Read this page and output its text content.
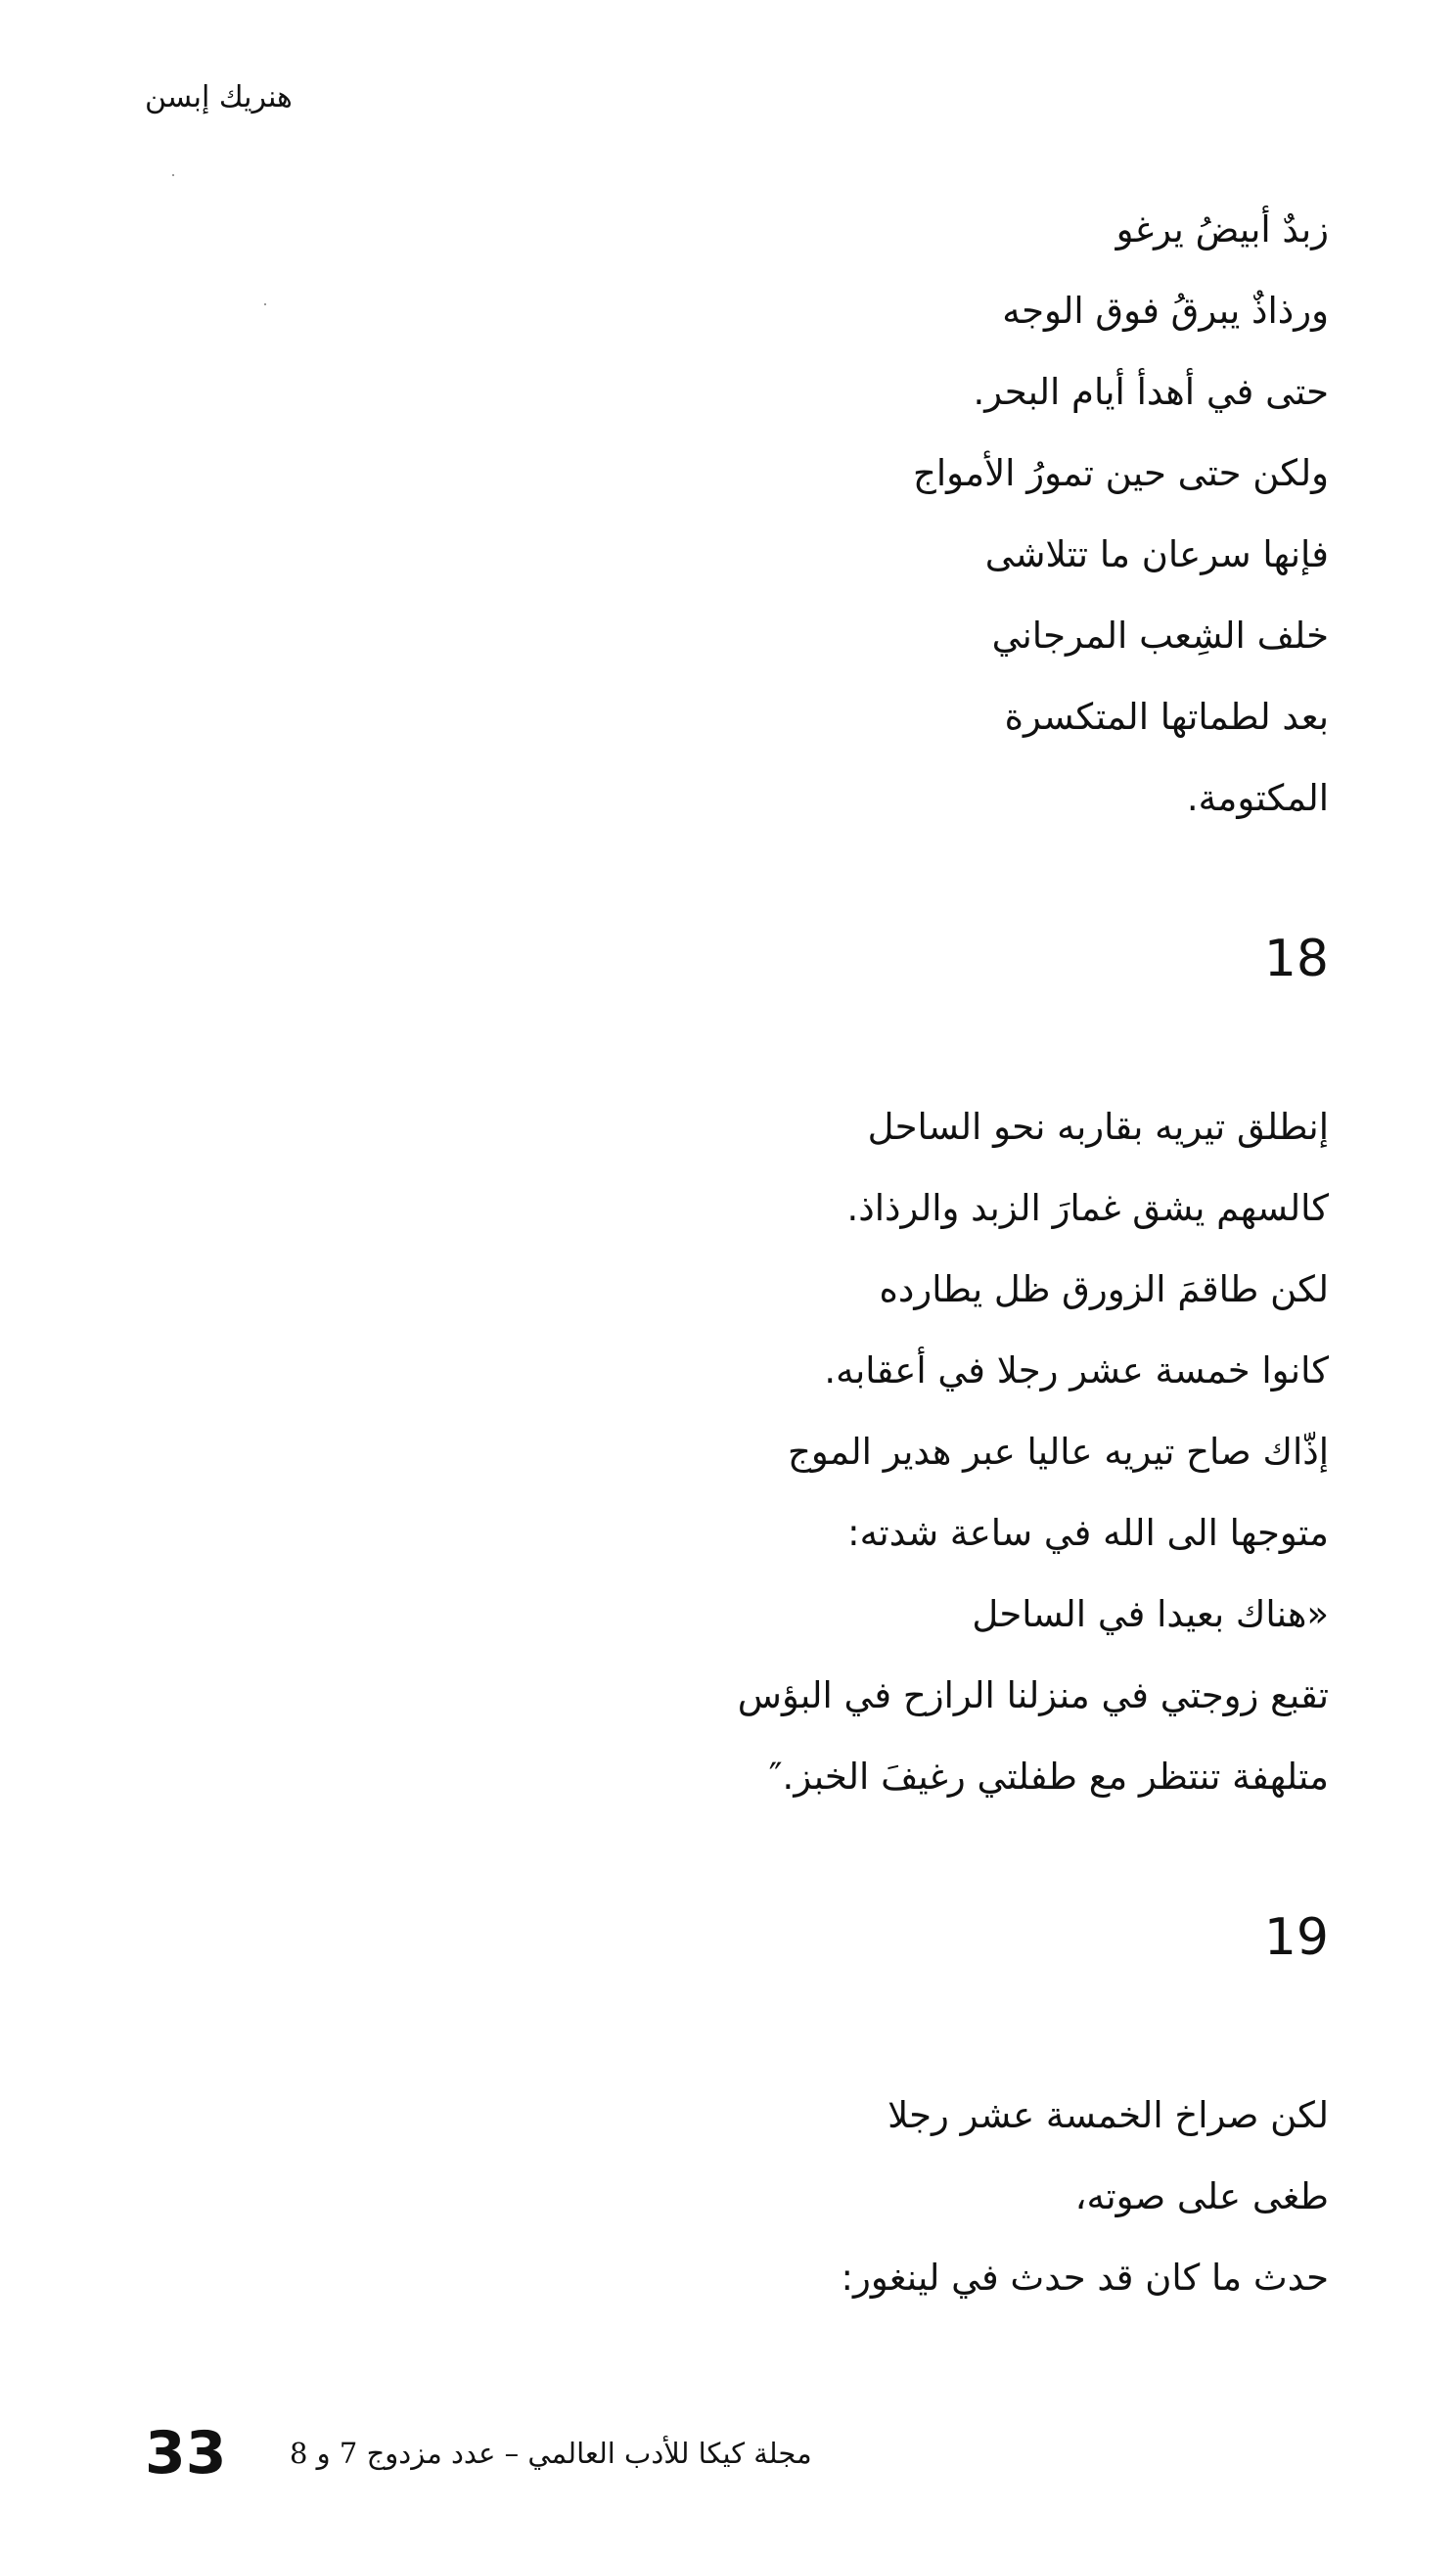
هنريك إبسن
زبدٌ أبيضُ يرغو
ورذاذٌ يبرقُ فوق الوجه
حتى في أهدأ أيام البحر.
ولكن حتى حين تمورُ الأمواج
فإنها سرعان ما تتلاشى
خلف الشِعب المرجاني
بعد لطماتها المتكسرة
المكتومة.
18
إنطلق تيريه بقاربه نحو الساحل
كالسهم يشق غمارَ الزبد والرذاذ.
لكن طاقمَ الزورق ظل يطارده
كانوا خمسة عشر رجلا في أعقابه.
إذّاك صاح تيريه عاليا عبر هدير الموج
متوجها الى الله في ساعة شدته:
«هناك بعيدا في الساحل
تقبع زوجتي في منزلنا الرازح في البؤس
متلهفة تنتظر مع طفلتي رغيفَ الخبز.″
19
لكن صراخ الخمسة عشر رجلا
طغى على صوته،
حدث ما كان قد حدث في لينغور:
33 مجلة كيكا للأدب العالمي – عدد مزدوج 7 و 8
